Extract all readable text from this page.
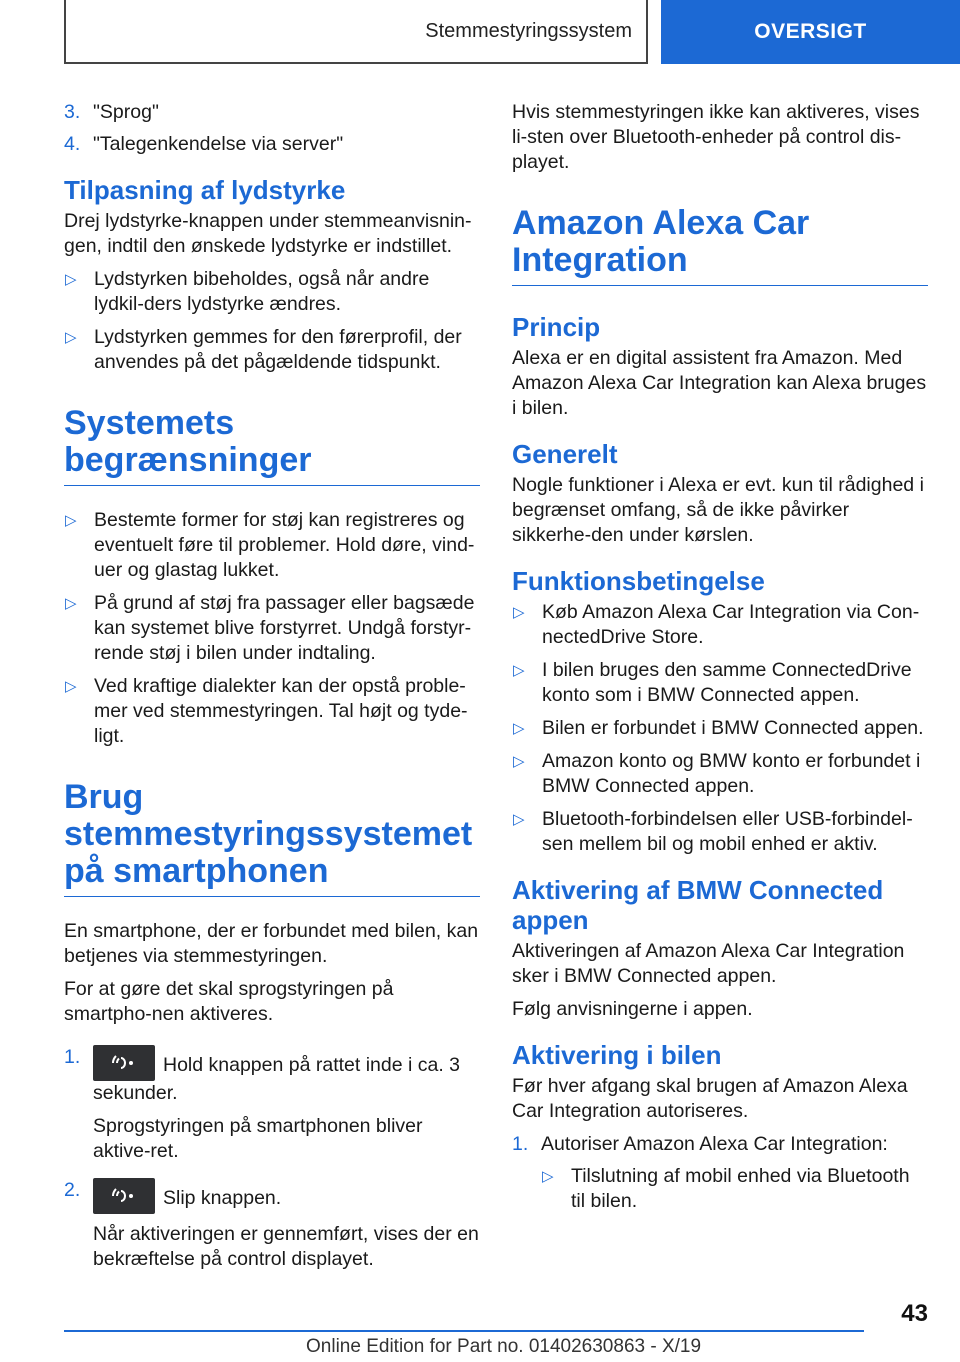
Stemmestyringssystem	OVERSIGT
3. "Sprog"
4. "Talegenkendelse via server"
Tilpasning af lydstyrke

Drej lydstyrke-knappen under stemmeanvisnin-gen, indtil den ønskede lydstyrke er indstillet.

▷ Lydstyrken bibeholdes, også når andre lydkil-ders lydstyrke ændres.
▷ Lydstyrken gemmes for den førerprofil, der anvendes på det pågældende tidspunkt.
Systemets begrænsninger
▷ Bestemte former for støj kan registreres og eventuelt føre til problemer. Hold døre, vind-uer og glastag lukket.
▷ På grund af støj fra passager eller bagsæde kan systemet blive forstyrret. Undgå forstyr-rende støj i bilen under indtaling.
▷ Ved kraftige dialekter kan der opstå proble-mer ved stemmestyringen. Tal højt og tyde-ligt.
Brug stemmestyringssystemet på smartphonen

En smartphone, der er forbundet med bilen, kan betjenes via stemmestyringen.

For at gøre det skal sprogstyringen på smartpho-nen aktiveres.

1.	Hold knappen på rattet inde i ca. 3 sekunder.
Sprogstyringen på smartphonen bliver aktive-ret.
2.	Slip knappen.
Når aktiveringen er gennemført, vises der en bekræftelse på control displayet.

Hvis stemmestyringen ikke kan aktiveres, vises li-sten over Bluetooth-enheder på control dis-playet.

Amazon Alexa Car Integration
Princip

Alexa er en digital assistent fra Amazon. Med Amazon Alexa Car Integration kan Alexa bruges i bilen.

Generelt

Nogle funktioner i Alexa er evt. kun til rådighed i begrænset omfang, så de ikke påvirker sikkerhe-den under kørslen.

Funktionsbetingelse
▷ Køb Amazon Alexa Car Integration via Con-nectedDrive Store.
▷ I bilen bruges den samme ConnectedDrive konto som i BMW Connected appen.
▷ Bilen er forbundet i BMW Connected appen.
▷ Amazon konto og BMW konto er forbundet i BMW Connected appen.
▷ Bluetooth-forbindelsen eller USB-forbindel-sen mellem bil og mobil enhed er aktiv.
Aktivering af BMW Connected appen

Aktiveringen af Amazon Alexa Car Integration sker i BMW Connected appen.

Følg anvisningerne i appen.

Aktivering i bilen

Før hver afgang skal brugen af Amazon Alexa Car Integration autoriseres.

1. Autoriser Amazon Alexa Car Integration:
▷ Tilslutning af mobil enhed via Bluetooth til bilen.
43
Online Edition for Part no. 01402630863 - X/19
